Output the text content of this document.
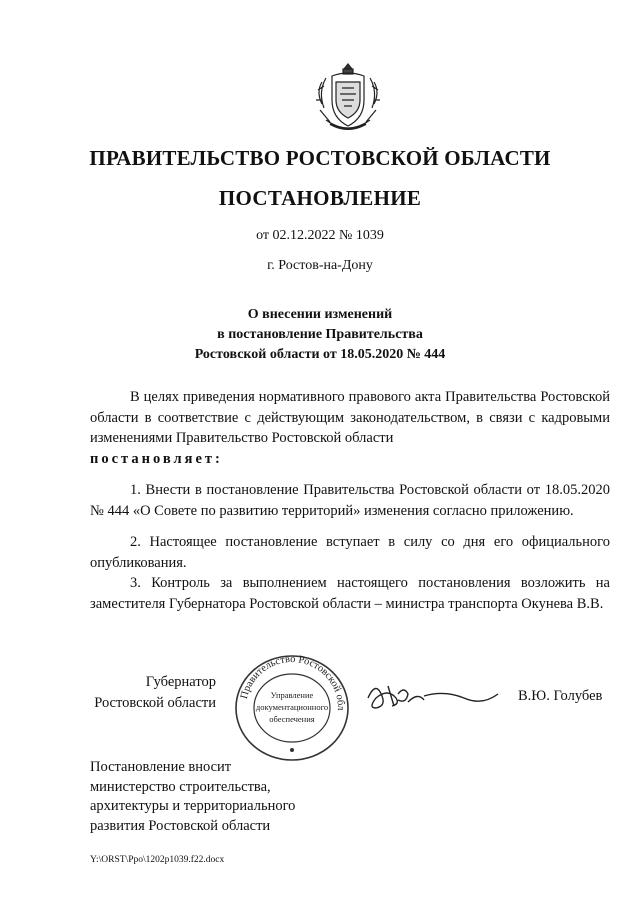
ПРАВИТЕЛЬСТВО РОСТОВСКОЙ ОБЛАСТИ
ПОСТАНОВЛЕНИЕ
от 02.12.2022 № 1039
г. Ростов-на-Дону
О внесении изменений
в постановление Правительства
Ростовской области от 18.05.2020 № 444
В целях приведения нормативного правового акта Правительства Ростовской области в соответствие с действующим законодательством, в связи с кадровыми изменениями Правительство Ростовской области
постановляет:
1. Внести в постановление Правительства Ростовской области от 18.05.2020 № 444 «О Совете по развитию территорий» изменения согласно приложению.
2. Настоящее постановление вступает в силу со дня его официального опубликования.
3. Контроль за выполнением настоящего постановления возложить на заместителя Губернатора Ростовской области – министра транспорта Окунева В.В.
Губернатор
Ростовской области	Правительство Ростовской обл
Управление
документационного
обеспечения
В.Ю. Голубев
Постановление вносит
министерство строительства,
архитектуры и территориального
развития Ростовской области
Y:\ORST\Ppo\1202p1039.f22.docx
